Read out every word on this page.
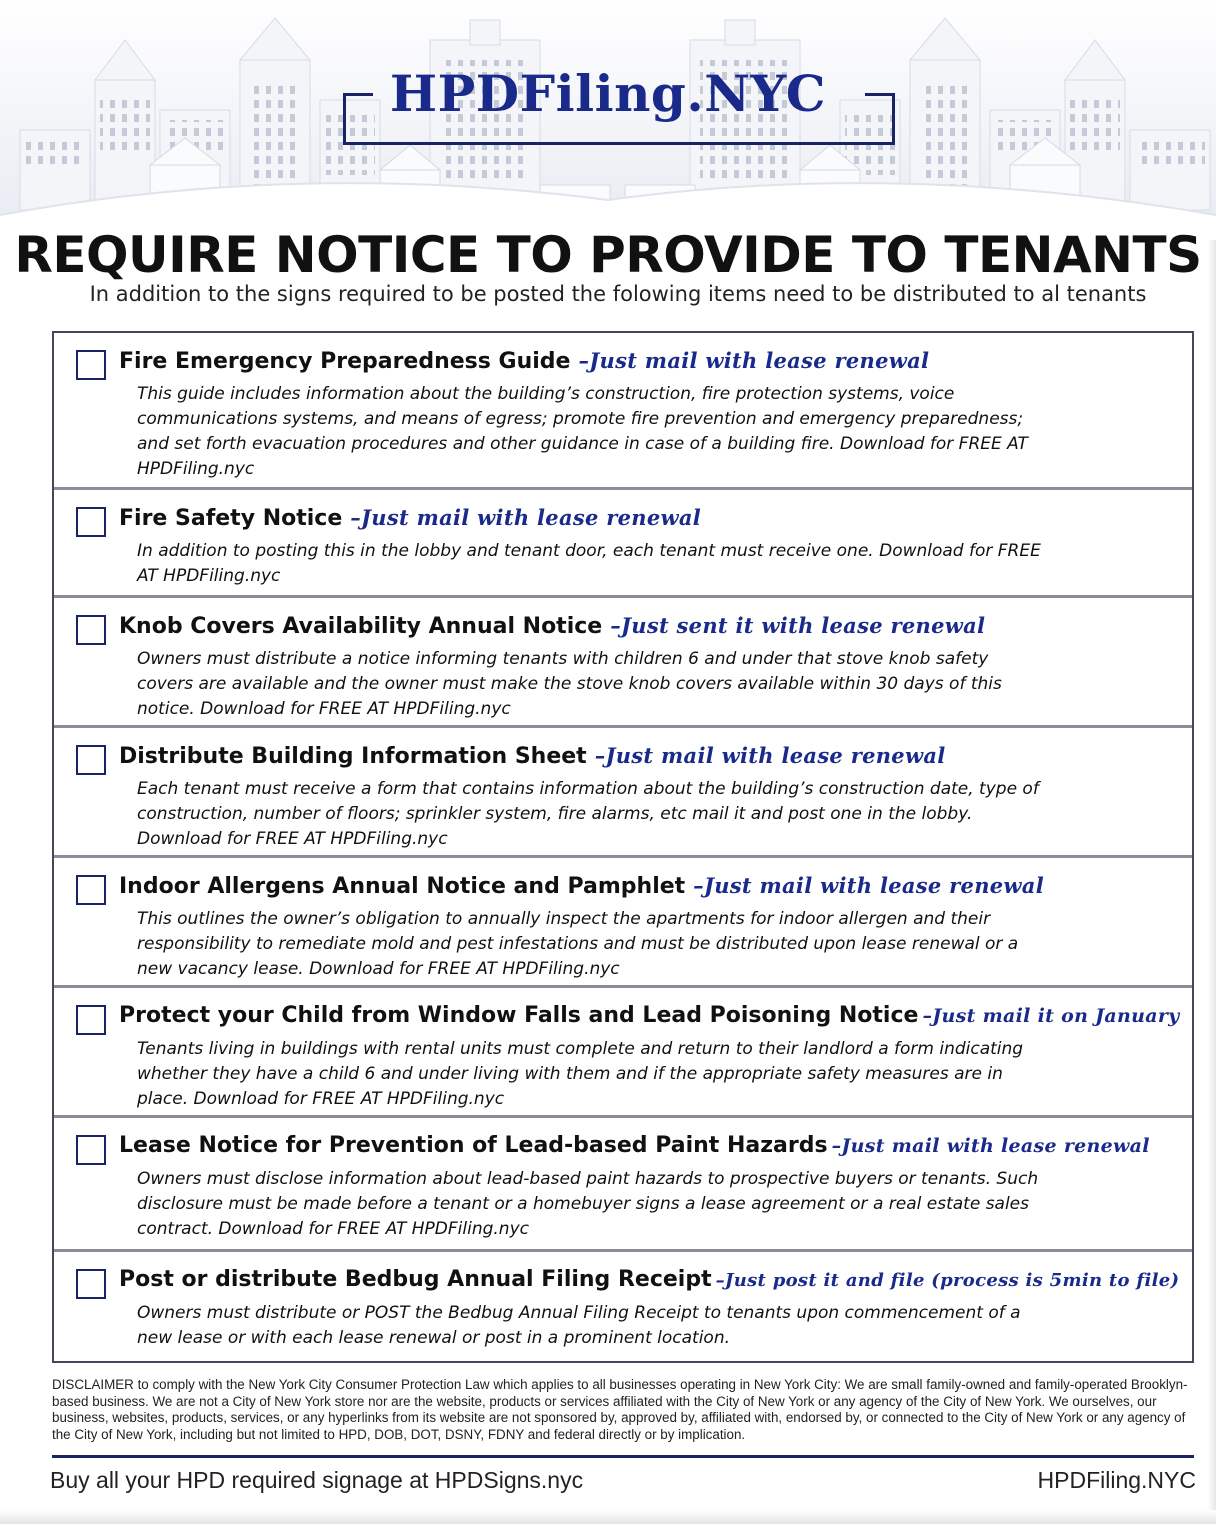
HPDFiling.NYC
REQUIRE NOTICE TO PROVIDE TO TENANTS
In addition to the signs required to be posted the folowing items need to be distributed to al tenants
Fire Emergency Preparedness Guide –Just mail with lease renewal
This guide includes information about the building’s construction, fire protection systems, voice communications systems, and means of egress; promote fire prevention and emergency preparedness; and set forth evacuation procedures and other guidance in case of a building fire. Download for FREE AT HPDFiling.nyc
Fire Safety Notice –Just mail with lease renewal
In addition to posting this in the lobby and tenant door, each tenant must receive one. Download for FREE AT HPDFiling.nyc
Knob Covers Availability Annual Notice –Just sent it with lease renewal
Owners must distribute a notice informing tenants with children 6 and under that stove knob safety covers are available and the owner must make the stove knob covers available within 30 days of this notice. Download for FREE AT HPDFiling.nyc
Distribute Building Information Sheet –Just mail with lease renewal
Each tenant must receive a form that contains information about the building’s construction date, type of construction, number of floors; sprinkler system, fire alarms, etc mail it and post one in the lobby. Download for FREE AT HPDFiling.nyc
Indoor Allergens Annual Notice and Pamphlet –Just mail with lease renewal
This outlines the owner’s obligation to annually inspect the apartments for indoor allergen and their responsibility to remediate mold and pest infestations and must be distributed upon lease renewal or a new vacancy lease. Download for FREE AT HPDFiling.nyc
Protect your Child from Window Falls and Lead Poisoning Notice –Just mail it on January
Tenants living in buildings with rental units must complete and return to their landlord a form indicating whether they have a child 6 and under living with them and if the appropriate safety measures are in place. Download for FREE AT HPDFiling.nyc
Lease Notice for Prevention of Lead-based Paint Hazards –Just mail with lease renewal
Owners must disclose information about lead-based paint hazards to prospective buyers or tenants. Such disclosure must be made before a tenant or a homebuyer signs a lease agreement or a real estate sales contract. Download for FREE AT HPDFiling.nyc
Post or distribute Bedbug Annual Filing Receipt –Just post it and file (process is 5min to file)
Owners must distribute or POST the Bedbug Annual Filing Receipt to tenants upon commencement of a new lease or with each lease renewal or post in a prominent location.
DISCLAIMER to comply with the New York City Consumer Protection Law which applies to all businesses operating in New York City: We are small family-owned and family-operated Brooklyn-based business. We are not a City of New York store nor are the website, products or services affiliated with the City of New York or any agency of the City of New York. We ourselves, our business, websites, products, services, or any hyperlinks from its website are not sponsored by, approved by, affiliated with, endorsed by, or connected to the City of New York or any agency of the City of New York, including but not limited to HPD, DOB, DOT, DSNY, FDNY and federal directly or by implication.
Buy all your HPD required signage at HPDSigns.nyc	HPDFiling.NYC
